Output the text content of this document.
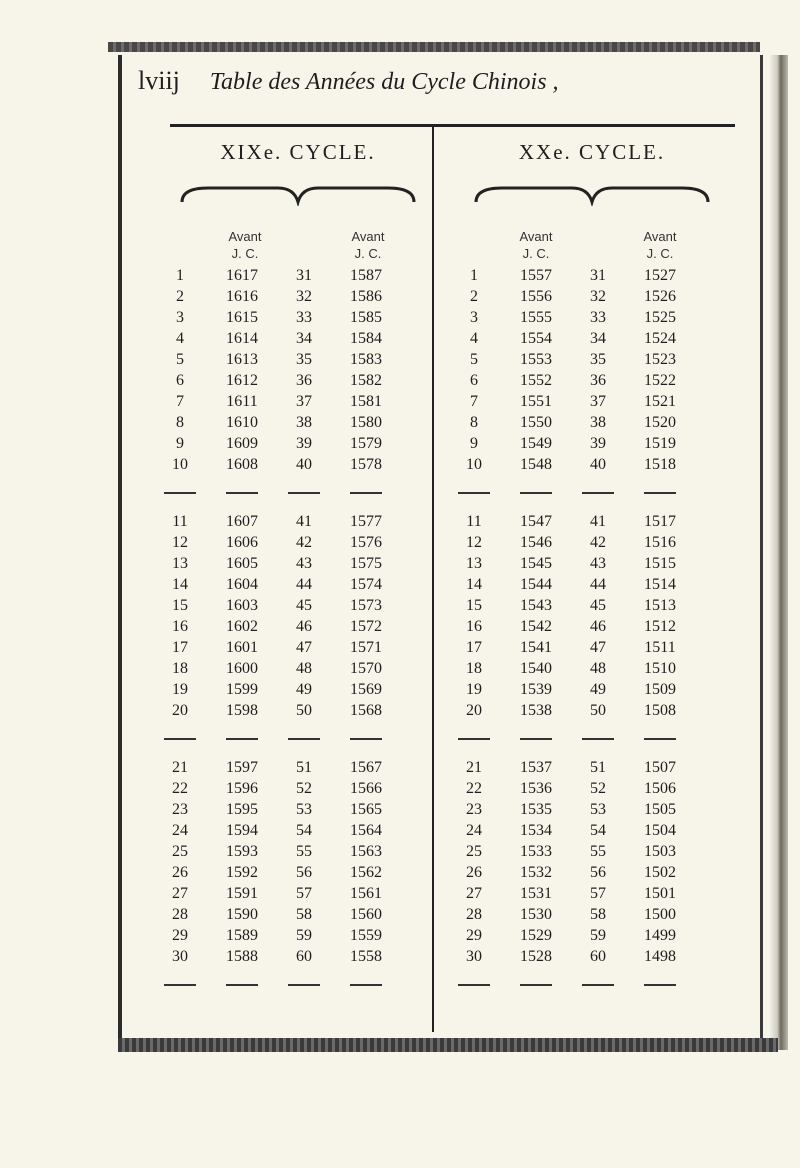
lviij Table des Années du Cycle Chinois ,
XIXe. CYCLE.
Avant
J. C.
Avant
J. C.
1	1617	31	1587
2	1616	32	1586
3	1615	33	1585
4	1614	34	1584
5	1613	35	1583
6	1612	36	1582
7	1611	37	1581
8	1610	38	1580
9	1609	39	1579
10	1608	40	1578

11	1607	41	1577
12	1606	42	1576
13	1605	43	1575
14	1604	44	1574
15	1603	45	1573
16	1602	46	1572
17	1601	47	1571
18	1600	48	1570
19	1599	49	1569
20	1598	50	1568

21	1597	51	1567
22	1596	52	1566
23	1595	53	1565
24	1594	54	1564
25	1593	55	1563
26	1592	56	1562
27	1591	57	1561
28	1590	58	1560
29	1589	59	1559
30	1588	60	1558

XXe. CYCLE.
Avant
J. C.
Avant
J. C.
1	1557	31	1527
2	1556	32	1526
3	1555	33	1525
4	1554	34	1524
5	1553	35	1523
6	1552	36	1522
7	1551	37	1521
8	1550	38	1520
9	1549	39	1519
10	1548	40	1518

11	1547	41	1517
12	1546	42	1516
13	1545	43	1515
14	1544	44	1514
15	1543	45	1513
16	1542	46	1512
17	1541	47	1511
18	1540	48	1510
19	1539	49	1509
20	1538	50	1508

21	1537	51	1507
22	1536	52	1506
23	1535	53	1505
24	1534	54	1504
25	1533	55	1503
26	1532	56	1502
27	1531	57	1501
28	1530	58	1500
29	1529	59	1499
30	1528	60	1498
